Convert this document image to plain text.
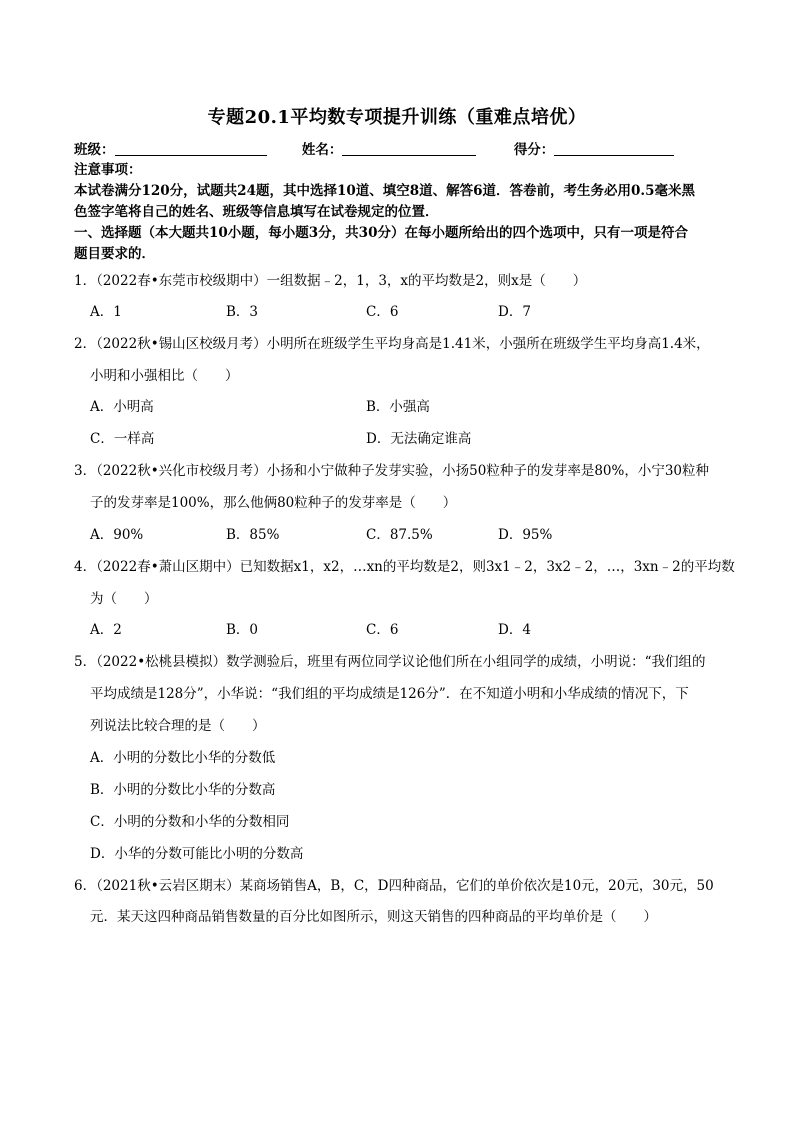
专题20.1平均数专项提升训练（重难点培优）
班级：	姓名：	得分：
注意事项：
本试卷满分120分，试题共24题，其中选择10道、填空8道、解答6道．答卷前，考生务必用0.5毫米黑
色签字笔将自己的姓名、班级等信息填写在试卷规定的位置．
一、选择题（本大题共10小题，每小题3分，共30分）在每小题所给出的四个选项中，只有一项是符合
题目要求的．
1．（2022春•东莞市校级期中）一组数据﹣2，1，3，x的平均数是2，则x是（　　）
A．1	B．3	C．6	D．7
2．（2022秋•锡山区校级月考）小明所在班级学生平均身高是1.41米，小强所在班级学生平均身高1.4米，
小明和小强相比（　　）
A．小明高	B．小强高
C．一样高	D．无法确定谁高
3．（2022秋•兴化市校级月考）小扬和小宁做种子发芽实验，小扬50粒种子的发芽率是80%，小宁30粒种
子的发芽率是100%，那么他俩80粒种子的发芽率是（　　）
A．90%	B．85%	C．87.5%	D．95%
4．（2022春•萧山区期中）已知数据x1，x2，…xn的平均数是2，则3x1﹣2，3x2﹣2，…，3xn﹣2的平均数
为（　　）
A．2	B．0	C．6	D．4
5．（2022•松桃县模拟）数学测验后，班里有两位同学议论他们所在小组同学的成绩，小明说：“我们组的
平均成绩是128分”，小华说：“我们组的平均成绩是126分”．在不知道小明和小华成绩的情况下，下
列说法比较合理的是（　　）
A．小明的分数比小华的分数低
B．小明的分数比小华的分数高
C．小明的分数和小华的分数相同
D．小华的分数可能比小明的分数高
6．（2021秋•云岩区期末）某商场销售A，B，C，D四种商品，它们的单价依次是10元，20元，30元，50
元．某天这四种商品销售数量的百分比如图所示，则这天销售的四种商品的平均单价是（　　）
